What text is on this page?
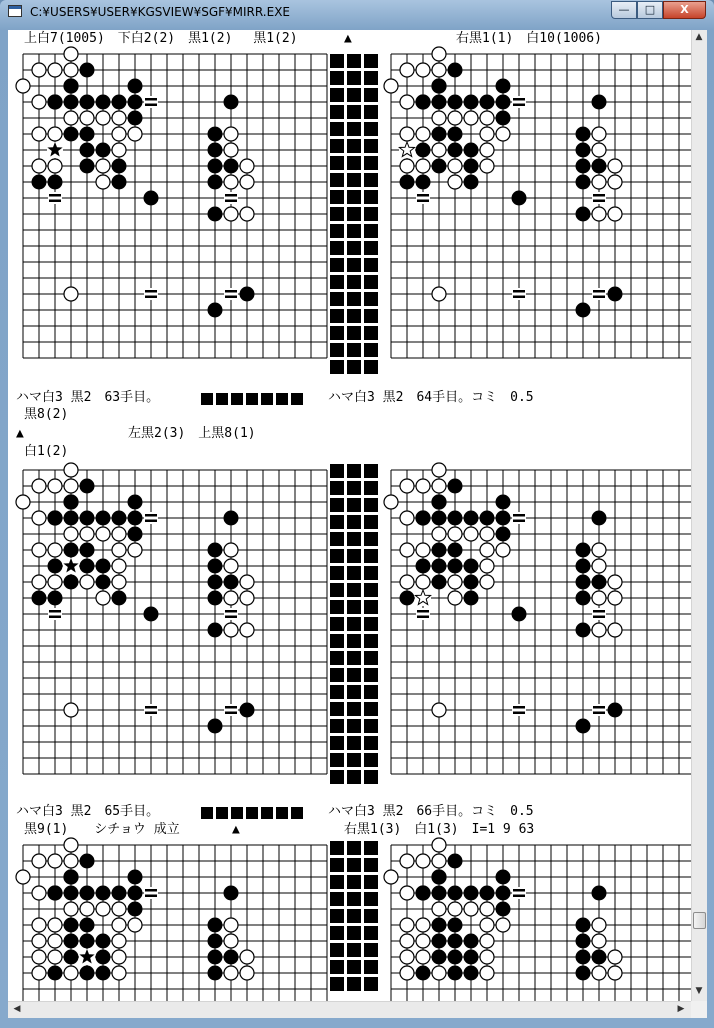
C:¥USERS¥USER¥KGSVIEW¥SGF¥MIRR.EXE	—	□	X
上白7(1005)　下白2(2)　黒1(2)　 黒1(2)	▲	右黒1(1)　白10(1006)
ハマ白3 黒2　63手目。	ハマ白3 黒2　64手目。コミ　0.5
黒8(2)
▲	左黒2(3)　上黒8(1)
白1(2)
ハマ白3 黒2　65手目。	ハマ白3 黒2　66手目。コミ　0.5
黒9(1)　　シチョウ 成立	▲	右黒1(3)　白1(3)　I=1 9 63
▲
▼
◀	▶
